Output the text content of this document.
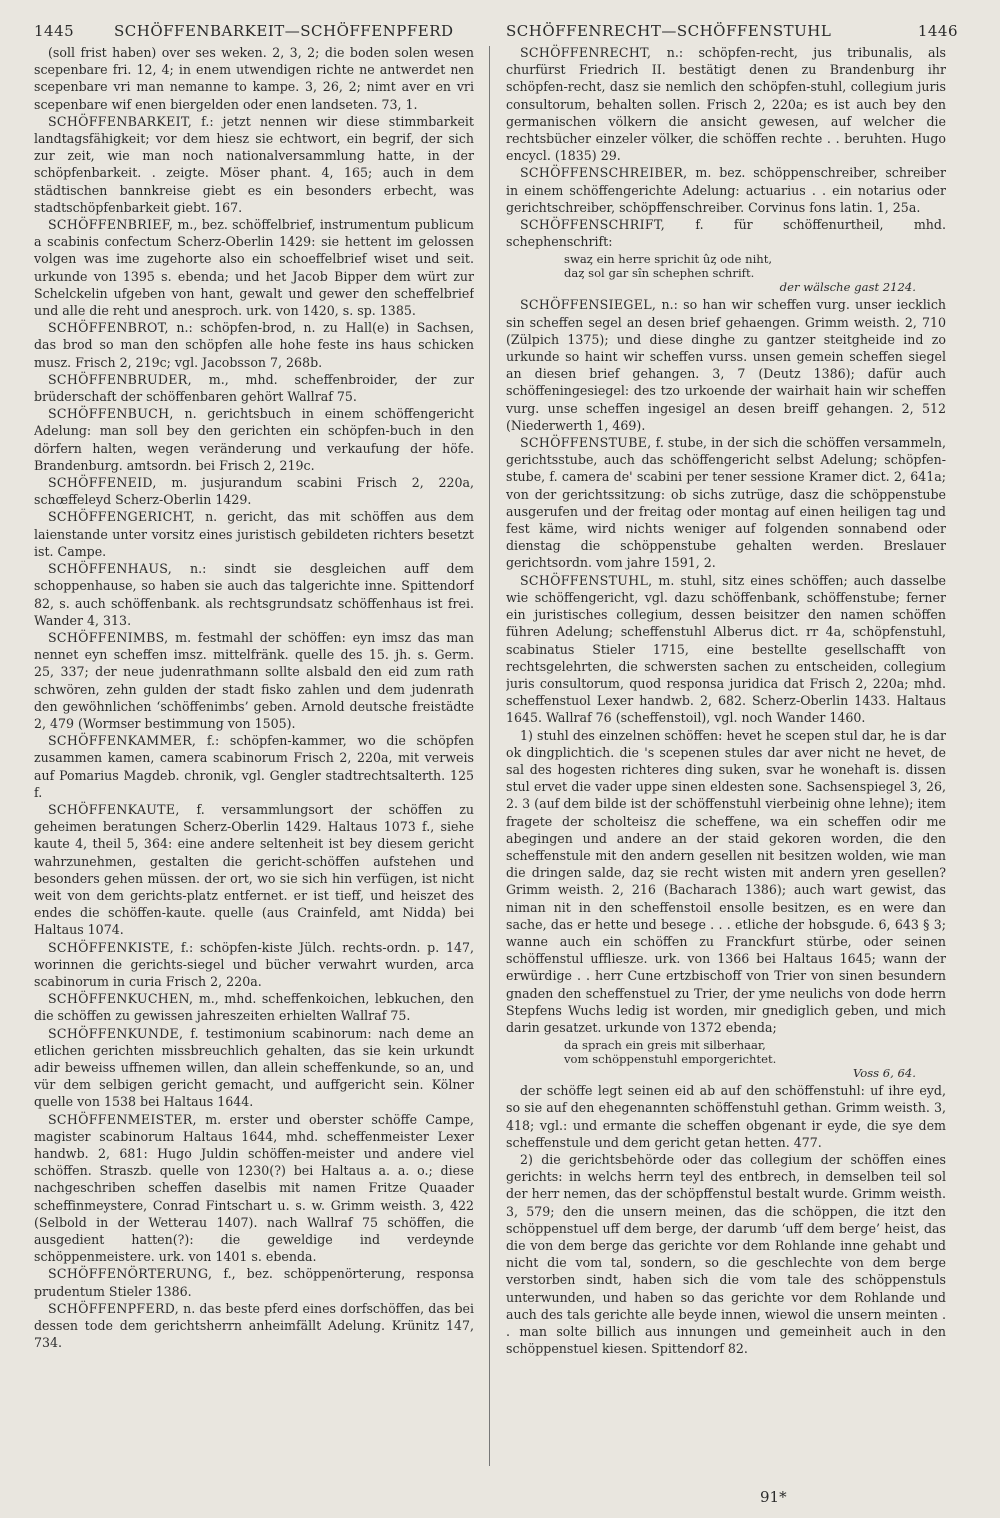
1445	SCHÖFFENBARKEIT—SCHÖFFENPFERD	SCHÖFFENRECHT—SCHÖFFENSTUHL	1446

(soll frist haben) over ses weken. 2, 3, 2; die boden solen wesen scepenbare fri. 12, 4; in enem utwendigen richte ne antwerdet nen scepenbare vri man nemanne to kampe. 3, 26, 2; nimt aver en vri scepenbare wif enen biergelden oder enen landseten. 73, 1.

SCHÖFFENBARKEIT, f.: jetzt nennen wir diese stimmbarkeit landtagsfähigkeit; vor dem hiesz sie echtwort, ein begrif, der sich zur zeit, wie man noch nationalversammlung hatte, in der schöpfenbarkeit. . zeigte. Möser phant. 4, 165; auch in dem städtischen bannkreise giebt es ein besonders erbecht, was stadtschöpfenbarkeit giebt. 167.

SCHÖFFENBRIEF, m., bez. schöffelbrief, instrumentum publicum a scabinis confectum Scherz-Oberlin 1429: sie hettent im gelossen volgen was ime zugehorte also ein schoeffelbrief wiset und seit. urkunde von 1395 s. ebenda; und het Jacob Bipper dem würt zur Schelckelin ufgeben von hant, gewalt und gewer den scheffelbrief und alle die reht und anesproch. urk. von 1420, s. sp. 1385.

SCHÖFFENBROT, n.: schöpfen-brod, n. zu Hall(e) in Sachsen, das brod so man den schöpfen alle hohe feste ins haus schicken musz. Frisch 2, 219c; vgl. Jacobsson 7, 268b.

SCHÖFFENBRUDER, m., mhd. scheffenbroider, der zur brüderschaft der schöffenbaren gehört Wallraf 75.

SCHÖFFENBUCH, n. gerichtsbuch in einem schöffengericht Adelung: man soll bey den gerichten ein schöpfen-buch in den dörfern halten, wegen veränderung und verkaufung der höfe. Brandenburg. amtsordn. bei Frisch 2, 219c.

SCHÖFFENEID, m. jusjurandum scabini Frisch 2, 220a, schœffeleyd Scherz-Oberlin 1429.

SCHÖFFENGERICHT, n. gericht, das mit schöffen aus dem laienstande unter vorsitz eines juristisch gebildeten richters besetzt ist. Campe.

SCHÖFFENHAUS, n.: sindt sie desgleichen auff dem schoppenhause, so haben sie auch das talgerichte inne. Spittendorf 82, s. auch schöffenbank. als rechtsgrundsatz schöffenhaus ist frei. Wander 4, 313.

SCHÖFFENIMBS, m. festmahl der schöffen: eyn imsz das man nennet eyn scheffen imsz. mittelfränk. quelle des 15. jh. s. Germ. 25, 337; der neue judenrathmann sollte alsbald den eid zum rath schwören, zehn gulden der stadt fisko zahlen und dem judenrath den gewöhnlichen ‘schöffenimbs’ geben. Arnold deutsche freistädte 2, 479 (Wormser bestimmung von 1505).

SCHÖFFENKAMMER, f.: schöpfen-kammer, wo die schöpfen zusammen kamen, camera scabinorum Frisch 2, 220a, mit verweis auf Pomarius Magdeb. chronik, vgl. Gengler stadtrechtsalterth. 125 f.

SCHÖFFENKAUTE, f. versammlungsort der schöffen zu geheimen beratungen Scherz-Oberlin 1429. Haltaus 1073 f., siehe kaute 4, theil 5, 364: eine andere seltenheit ist bey diesem gericht wahrzunehmen, gestalten die gericht-schöffen aufstehen und besonders gehen müssen. der ort, wo sie sich hin verfügen, ist nicht weit von dem gerichts-platz entfernet. er ist tieff, und heiszet des endes die schöffen-kaute. quelle (aus Crainfeld, amt Nidda) bei Haltaus 1074.

SCHÖFFENKISTE, f.: schöpfen-kiste Jülch. rechts-ordn. p. 147, worinnen die gerichts-siegel und bücher verwahrt wurden, arca scabinorum in curia Frisch 2, 220a.

SCHÖFFENKUCHEN, m., mhd. scheffenkoichen, lebkuchen, den die schöffen zu gewissen jahreszeiten erhielten Wallraf 75.

SCHÖFFENKUNDE, f. testimonium scabinorum: nach deme an etlichen gerichten missbreuchlich gehalten, das sie kein urkundt adir beweiss uffnemen willen, dan allein scheffenkunde, so an, und vür dem selbigen gericht gemacht, und auffgericht sein. Kölner quelle von 1538 bei Haltaus 1644.

SCHÖFFENMEISTER, m. erster und oberster schöffe Campe, magister scabinorum Haltaus 1644, mhd. scheffenmeister Lexer handwb. 2, 681: Hugo Juldin schöffen-meister und andere viel schöffen. Straszb. quelle von 1230(?) bei Haltaus a. a. o.; diese nachgeschriben scheffen daselbis mit namen Fritze Quaader scheffinmeystere, Conrad Fintschart u. s. w. Grimm weisth. 3, 422 (Selbold in der Wetterau 1407). nach Wallraf 75 schöffen, die ausgedient hatten(?): die geweldige ind verdeynde schöppenmeistere. urk. von 1401 s. ebenda.

SCHÖFFENÖRTERUNG, f., bez. schöppenörterung, responsa prudentum Stieler 1386.

SCHÖFFENPFERD, n. das beste pferd eines dorfschöffen, das bei dessen tode dem gerichtsherrn anheimfällt Adelung. Krünitz 147, 734.

SCHÖFFENRECHT, n.: schöpfen-recht, jus tribunalis, als churfürst Friedrich II. bestätigt denen zu Brandenburg ihr schöpfen-recht, dasz sie nemlich den schöpfen-stuhl, collegium juris consultorum, behalten sollen. Frisch 2, 220a; es ist auch bey den germanischen völkern die ansicht gewesen, auf welcher die rechtsbücher einzeler völker, die schöffen rechte . . beruhten. Hugo encycl. (1835) 29.

SCHÖFFENSCHREIBER, m. bez. schöppenschreiber, schreiber in einem schöffengerichte Adelung: actuarius . . ein notarius oder gerichtschreiber, schöpffenschreiber. Corvinus fons latin. 1, 25a.

SCHÖFFENSCHRIFT, f. für schöffenurtheil, mhd. schephenschrift:

swaȥ ein herre sprichit ûȥ ode niht,
daȥ sol gar sîn schephen schrift.
der wälsche gast 2124.

SCHÖFFENSIEGEL, n.: so han wir scheffen vurg. unser iecklich sin scheffen segel an desen brief gehaengen. Grimm weisth. 2, 710 (Zülpich 1375); und diese dinghe zu gantzer steitgheide ind zo urkunde so haint wir scheffen vurss. unsen gemein scheffen siegel an diesen brief gehangen. 3, 7 (Deutz 1386); dafür auch schöffeningesiegel: des tzo urkoende der wairhait hain wir scheffen vurg. unse scheffen ingesigel an desen breiff gehangen. 2, 512 (Niederwerth 1, 469).

SCHÖFFENSTUBE, f. stube, in der sich die schöffen versammeln, gerichtsstube, auch das schöffengericht selbst Adelung; schöpfen-stube, f. camera de' scabini per tener sessione Kramer dict. 2, 641a; von der gerichtssitzung: ob sichs zutrüge, dasz die schöppenstube ausgerufen und der freitag oder montag auf einen heiligen tag und fest käme, wird nichts weniger auf folgenden sonnabend oder dienstag die schöppenstube gehalten werden. Breslauer gerichtsordn. vom jahre 1591, 2.

SCHÖFFENSTUHL, m. stuhl, sitz eines schöffen; auch dasselbe wie schöffengericht, vgl. dazu schöffenbank, schöffenstube; ferner ein juristisches collegium, dessen beisitzer den namen schöffen führen Adelung; scheffenstuhl Alberus dict. rr 4a, schöpfenstuhl, scabinatus Stieler 1715, eine bestellte gesellschafft von rechtsgelehrten, die schwersten sachen zu entscheiden, collegium juris consultorum, quod responsa juridica dat Frisch 2, 220a; mhd. scheffenstuol Lexer handwb. 2, 682. Scherz-Oberlin 1433. Haltaus 1645. Wallraf 76 (scheffenstoil), vgl. noch Wander 1460.

1) stuhl des einzelnen schöffen: hevet he scepen stul dar, he is dar ok dingplichtich. die 's scepenen stules dar aver nicht ne hevet, de sal des hogesten richteres ding suken, svar he wonehaft is. dissen stul ervet die vader uppe sinen eldesten sone. Sachsenspiegel 3, 26, 2. 3 (auf dem bilde ist der schöffenstuhl vierbeinig ohne lehne); item fragete der scholteisz die scheffene, wa ein scheffen odir me abegingen und andere an der staid gekoren worden, die den scheffenstule mit den andern gesellen nit besitzen wolden, wie man die dringen salde, daȥ sie recht wisten mit andern yren gesellen? Grimm weisth. 2, 216 (Bacharach 1386); auch wart gewist, das niman nit in den scheffenstoil ensolle besitzen, es en were dan sache, das er hette und besege . . . etliche der hobsgude. 6, 643 § 3; wanne auch ein schöffen zu Franckfurt stürbe, oder seinen schöffenstul uffliesze. urk. von 1366 bei Haltaus 1645; wann der erwürdige . . herr Cune ertzbischoff von Trier von sinen besundern gnaden den scheffenstuel zu Trier, der yme neulichs von dode herrn Stepfens Wuchs ledig ist worden, mir gnediglich geben, und mich darin gesatzet. urkunde von 1372 ebenda;

da sprach ein greis mit silberhaar,
vom schöppenstuhl emporgerichtet.
Voss 6, 64.

der schöffe legt seinen eid ab auf den schöffenstuhl: uf ihre eyd, so sie auf den ehegenannten schöffenstuhl gethan. Grimm weisth. 3, 418; vgl.: und ermante die scheffen obgenant ir eyde, die sye dem scheffenstule und dem gericht getan hetten. 477.

2) die gerichtsbehörde oder das collegium der schöffen eines gerichts: in welchs herrn teyl des entbrech, in demselben teil sol der herr nemen, das der schöpffenstul bestalt wurde. Grimm weisth. 3, 579; den die unsern meinen, das die schöppen, die itzt den schöppenstuel uff dem berge, der darumb ‘uff dem berge’ heist, das die von dem berge das gerichte vor dem Rohlande inne gehabt und nicht die vom tal, sondern, so die geschlechte von dem berge verstorben sindt, haben sich die vom tale des schöppenstuls unterwunden, und haben so das gerichte vor dem Rohlande und auch des tals gerichte alle beyde innen, wiewol die unsern meinten . . man solte billich aus innungen und gemeinheit auch in den schöppenstuel kiesen. Spittendorf 82.

91*
